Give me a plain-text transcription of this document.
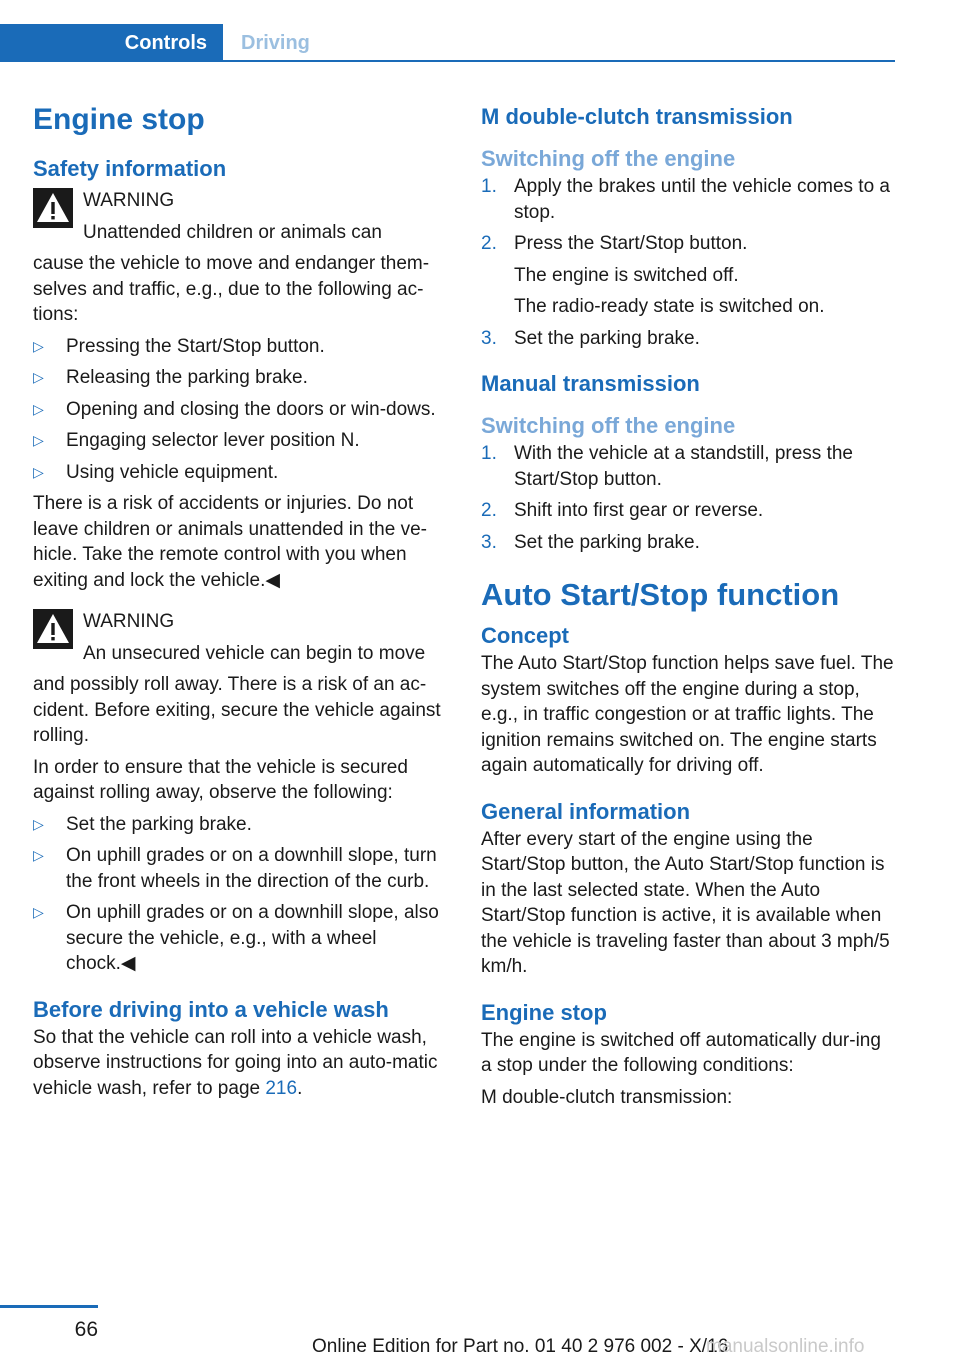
Controls Driving
Engine stop
Safety information

WARNING

Unattended children or animals can

cause the vehicle to move and endanger them-selves and traffic, e.g., due to the following ac-tions:

▷ Pressing the Start/Stop button.
▷ Releasing the parking brake.
▷ Opening and closing the doors or win-dows.
▷ Engaging selector lever position N.
▷ Using vehicle equipment.

There is a risk of accidents or injuries. Do not leave children or animals unattended in the ve-hicle. Take the remote control with you when exiting and lock the vehicle.◀

WARNING

An unsecured vehicle can begin to move

and possibly roll away. There is a risk of an ac-cident. Before exiting, secure the vehicle against rolling.

In order to ensure that the vehicle is secured against rolling away, observe the following:

▷ Set the parking brake.
▷ On uphill grades or on a downhill slope, turn the front wheels in the direction of the curb.
▷ On uphill grades or on a downhill slope, also secure the vehicle, e.g., with a wheel chock.◀
Before driving into a vehicle wash

So that the vehicle can roll into a vehicle wash, observe instructions for going into an auto-matic vehicle wash, refer to page 216.

M double-clutch transmission
Switching off the engine
1. Apply the brakes until the vehicle comes to a stop.
2. Press the Start/Stop button.
The engine is switched off.
The radio-ready state is switched on.
3. Set the parking brake.
Manual transmission
Switching off the engine
1. With the vehicle at a standstill, press the Start/Stop button.
2. Shift into first gear or reverse.
3. Set the parking brake.
Auto Start/Stop function
Concept

The Auto Start/Stop function helps save fuel. The system switches off the engine during a stop, e.g., in traffic congestion or at traffic lights. The ignition remains switched on. The engine starts again automatically for driving off.

General information

After every start of the engine using the Start/Stop button, the Auto Start/Stop function is in the last selected state. When the Auto Start/Stop function is active, it is available when the vehicle is traveling faster than about 3 mph/5 km/h.

Engine stop

The engine is switched off automatically dur-ing a stop under the following conditions:

M double-clutch transmission:

66
Online Edition for Part no. 01 40 2 976 002 - X/16
manualsonline.info
